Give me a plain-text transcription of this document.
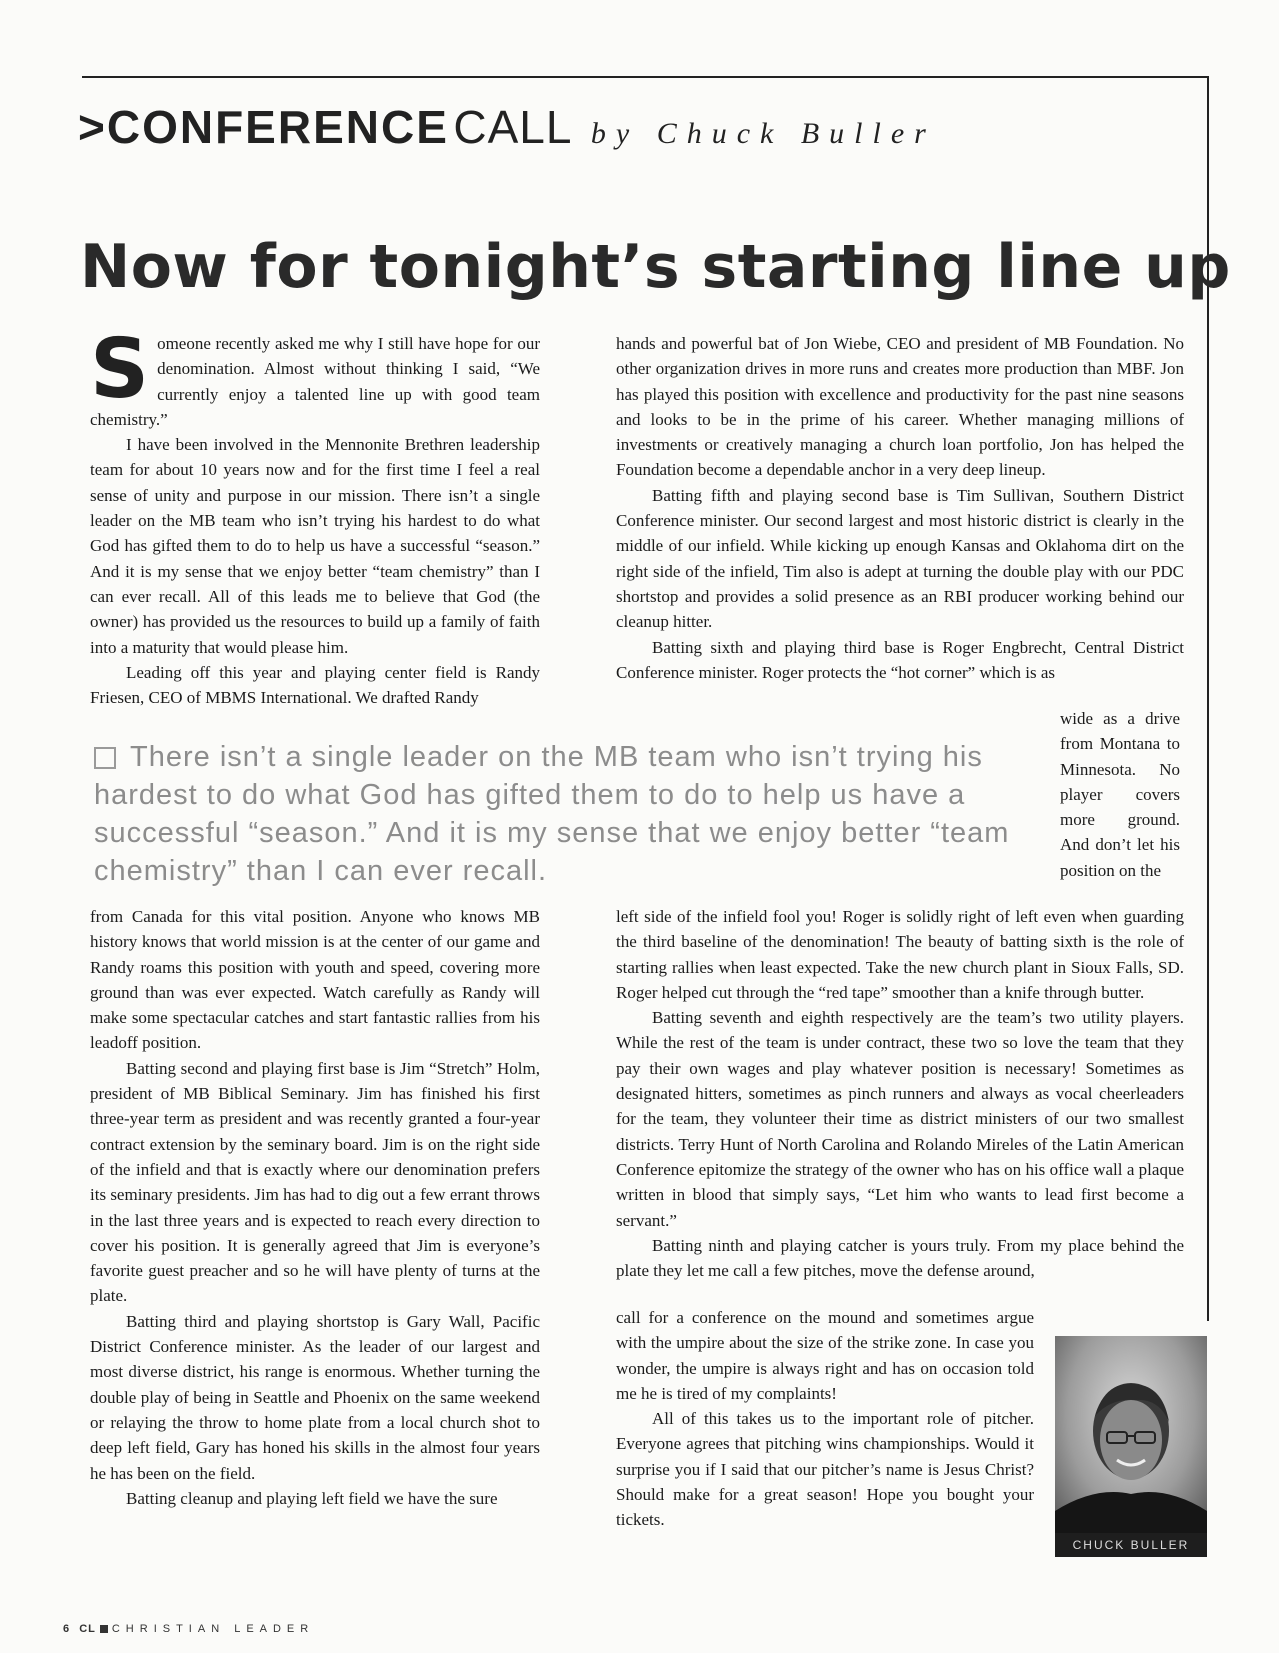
>CONFERENCE CALL by Chuck Buller
Now for tonight’s starting line up
S omeone recently asked me why I still have hope for our denomination. Almost without thinking I said, “We currently enjoy a talented line up with good team chemistry.”

I have been involved in the Mennonite Brethren leadership team for about 10 years now and for the first time I feel a real sense of unity and purpose in our mission. There isn’t a single leader on the MB team who isn’t trying his hardest to do what God has gifted them to do to help us have a successful “season.” And it is my sense that we enjoy better “team chemistry” than I can ever recall. All of this leads me to believe that God (the owner) has provided us the resources to build up a family of faith into a maturity that would please him.

Leading off this year and playing center field is Randy Friesen, CEO of MBMS International. We drafted Randy

hands and powerful bat of Jon Wiebe, CEO and president of MB Foundation. No other organization drives in more runs and creates more production than MBF. Jon has played this position with excellence and productivity for the past nine seasons and looks to be in the prime of his career. Whether managing millions of investments or creatively managing a church loan portfolio, Jon has helped the Foundation become a dependable anchor in a very deep lineup.

Batting fifth and playing second base is Tim Sullivan, Southern District Conference minister. Our second largest and most historic district is clearly in the middle of our infield. While kicking up enough Kansas and Oklahoma dirt on the right side of the infield, Tim also is adept at turning the double play with our PDC shortstop and provides a solid presence as an RBI producer working behind our cleanup hitter.

Batting sixth and playing third base is Roger Engbrecht, Central District Conference minister. Roger protects the “hot corner” which is as

wide as a drive from Montana to Minnesota. No player covers more ground. And don’t let his position on the
There isn’t a single leader on the MB team who isn’t trying his hardest to do what God has gifted them to do to help us have a successful “season.” And it is my sense that we enjoy better “team chemistry” than I can ever recall.

from Canada for this vital position. Anyone who knows MB history knows that world mission is at the center of our game and Randy roams this position with youth and speed, covering more ground than was ever expected. Watch carefully as Randy will make some spectacular catches and start fantastic rallies from his leadoff position.

Batting second and playing first base is Jim “Stretch” Holm, president of MB Biblical Seminary. Jim has finished his first three-year term as president and was recently granted a four-year contract extension by the seminary board. Jim is on the right side of the infield and that is exactly where our denomination prefers its seminary presidents. Jim has had to dig out a few errant throws in the last three years and is expected to reach every direction to cover his position. It is generally agreed that Jim is everyone’s favorite guest preacher and so he will have plenty of turns at the plate.

Batting third and playing shortstop is Gary Wall, Pacific District Conference minister. As the leader of our largest and most diverse district, his range is enormous. Whether turning the double play of being in Seattle and Phoenix on the same weekend or relaying the throw to home plate from a local church shot to deep left field, Gary has honed his skills in the almost four years he has been on the field.

Batting cleanup and playing left field we have the sure

left side of the infield fool you! Roger is solidly right of left even when guarding the third baseline of the denomination! The beauty of batting sixth is the role of starting rallies when least expected. Take the new church plant in Sioux Falls, SD. Roger helped cut through the “red tape” smoother than a knife through butter.

Batting seventh and eighth respectively are the team’s two utility players. While the rest of the team is under contract, these two so love the team that they pay their own wages and play whatever position is necessary! Sometimes as designated hitters, sometimes as pinch runners and always as vocal cheerleaders for the team, they volunteer their time as district ministers of our two smallest districts. Terry Hunt of North Carolina and Rolando Mireles of the Latin American Conference epitomize the strategy of the owner who has on his office wall a plaque written in blood that simply says, “Let him who wants to lead first become a servant.”

Batting ninth and playing catcher is yours truly. From my place behind the plate they let me call a few pitches, move the defense around,

call for a conference on the mound and sometimes argue with the umpire about the size of the strike zone. In case you wonder, the umpire is always right and has on occasion told me he is tired of my complaints!

All of this takes us to the important role of pitcher. Everyone agrees that pitching wins championships. Would it surprise you if I said that our pitcher’s name is Jesus Christ? Should make for a great season! Hope you bought your tickets.

CHUCK BULLER
6 CL CHRISTIAN LEADER
